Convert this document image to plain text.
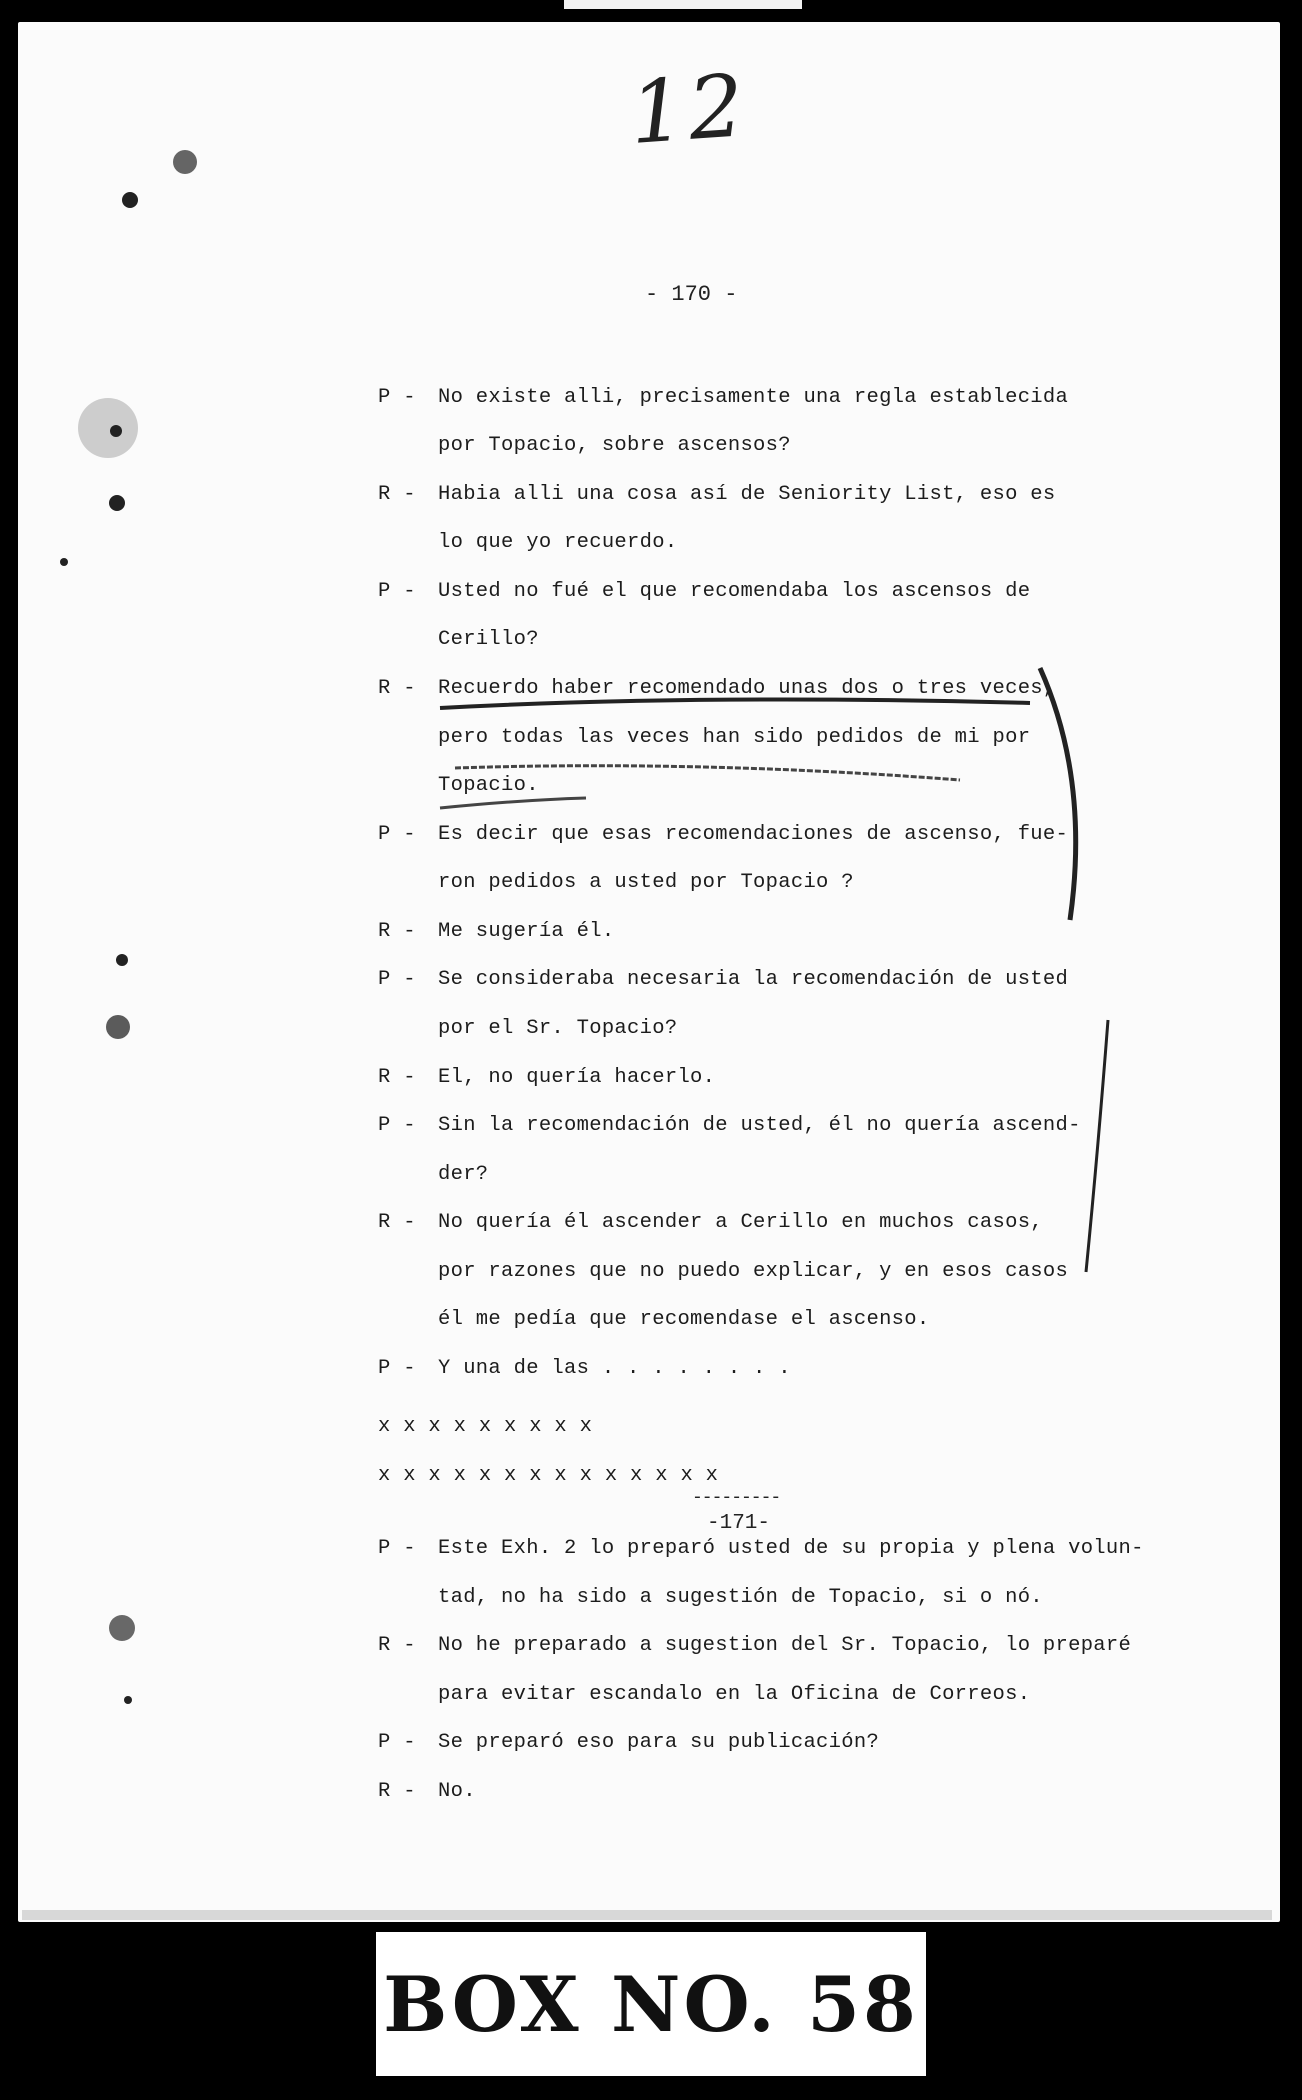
12
- 170 -
P - No existe alli, precisamente una regla establecida
por Topacio, sobre ascensos?
R - Habia alli una cosa así de Seniority List, eso es
lo que yo recuerdo.
P - Usted no fué el que recomendaba los ascensos de
Cerillo?
R - Recuerdo haber recomendado unas dos o tres veces,
pero todas las veces han sido pedidos de mi por
Topacio.
P - Es decir que esas recomendaciones de ascenso, fue-
ron pedidos a usted por Topacio ?
R - Me sugería él.
P - Se consideraba necesaria la recomendación de usted
por el Sr. Topacio?
R - El, no quería hacerlo.
P - Sin la recomendación de usted, él no quería ascend-
der?
R - No quería él ascender a Cerillo en muchos casos,
por razones que no puedo explicar, y en esos casos
él me pedía que recomendase el ascenso.
P - Y una de las . . . . . . . .
x x x x x x x x x
x x x x x x x x x x x x x x
---------
-171-
P - Este Exh. 2 lo preparó usted de su propia y plena volun-
tad, no ha sido a sugestión de Topacio, si o nó.
R - No he preparado a sugestion del Sr. Topacio, lo preparé
para evitar escandalo en la Oficina de Correos.
P - Se preparó eso para su publicación?
R - No.
BOX NO. 58
